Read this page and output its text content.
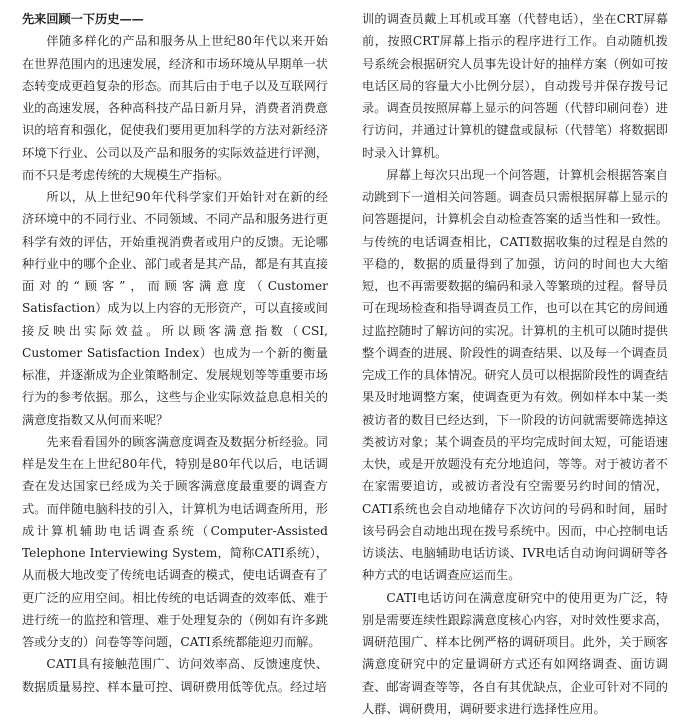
先来回顾一下历史——

伴随多样化的产品和服务从上世纪80年代以来开始在世界范围内的迅速发展，经济和市场环境从早期单一状态转变成更趋复杂的形态。而其后由于电子以及互联网行业的高速发展，各种高科技产品日新月异，消费者消费意识的培育和强化，促使我们要用更加科学的方法对新经济环境下行业、公司以及产品和服务的实际效益进行评测，而不只是考虑传统的大规模生产指标。

所以，从上世纪90年代科学家们开始针对在新的经济环境中的不同行业、不同领域、不同产品和服务进行更科学有效的评估，开始重视消费者或用户的反馈。无论哪种行业中的哪个企业、部门或者是其产品，都是有其直接面对的“顾客”，而顾客满意度（Customer Satisfaction）成为以上内容的无形资产，可以直接或间接反映出实际效益。所以顾客满意指数（CSI, Customer Satisfaction Index）也成为一个新的衡量标准，并逐渐成为企业策略制定、发展规划等等重要市场行为的参考依据。那么，这些与企业实际效益息息相关的满意度指数又从何而来呢？

先来看看国外的顾客满意度调查及数据分析经验。同样是发生在上世纪80年代，特别是80年代以后，电话调查在发达国家已经成为关于顾客满意度最重要的调查方式。而伴随电脑科技的引入，计算机为电话调查所用，形成计算机辅助电话调查系统（Computer-Assisted Telephone Interviewing System，简称CATI系统），从而极大地改变了传统电话调查的模式，使电话调查有了更广泛的应用空间。相比传统的电话调查的效率低、难于进行统一的监控和管理、难于处理复杂的（例如有许多跳答或分支的）问卷等等问题，CATI系统都能迎刃而解。

CATI具有接触范围广、访问效率高、反馈速度快、数据质量易控、样本量可控、调研费用低等优点。经过培

训的调查员戴上耳机或耳塞（代替电话），坐在CRT屏幕前，按照CRT屏幕上指示的程序进行工作。自动随机拨号系统会根据研究人员事先设计好的抽样方案（例如可按电话区局的容量大小比例分层），自动拨号并保存拨号记录。调查员按照屏幕上显示的问答题（代替印刷问卷）进行访问，并通过计算机的键盘或鼠标（代替笔）将数据即时录入计算机。

屏幕上每次只出现一个问答题，计算机会根据答案自动跳到下一道相关问答题。调查员只需根据屏幕上显示的问答题提问，计算机会自动检查答案的适当性和一致性。与传统的电话调查相比，CATI数据收集的过程是自然的平稳的，数据的质量得到了加强，访问的时间也大大缩短，也不再需要数据的编码和录入等繁琐的过程。督导员可在现场检查和指导调查员工作，也可以在其它的房间通过监控随时了解访问的实况。计算机的主机可以随时提供整个调查的进展、阶段性的调查结果、以及每一个调查员完成工作的具体情况。研究人员可以根据阶段性的调查结果及时地调整方案，使调查更为有效。例如样本中某一类被访者的数目已经达到，下一阶段的访问就需要筛选掉这类被访对象；某个调查员的平均完成时间太短，可能语速太快，或是开放题没有充分地追问，等等。对于被访者不在家需要追访，或被访者没有空需要另约时间的情况，CATI系统也会自动地储存下次访问的号码和时间，届时该号码会自动地出现在拨号系统中。因而，中心控制电话访谈法、电脑辅助电话访谈、IVR电话自动询问调研等各种方式的电话调查应运而生。

CATI电话访问在满意度研究中的使用更为广泛，特别是需要连续性跟踪满意度核心内容，对时效性要求高，调研范围广、样本比例严格的调研项目。此外，关于顾客满意度研究中的定量调研方式还有如网络调查、面访调查、邮寄调查等等，各自有其优缺点，企业可针对不同的人群、调研费用，调研要求进行选择性应用。
